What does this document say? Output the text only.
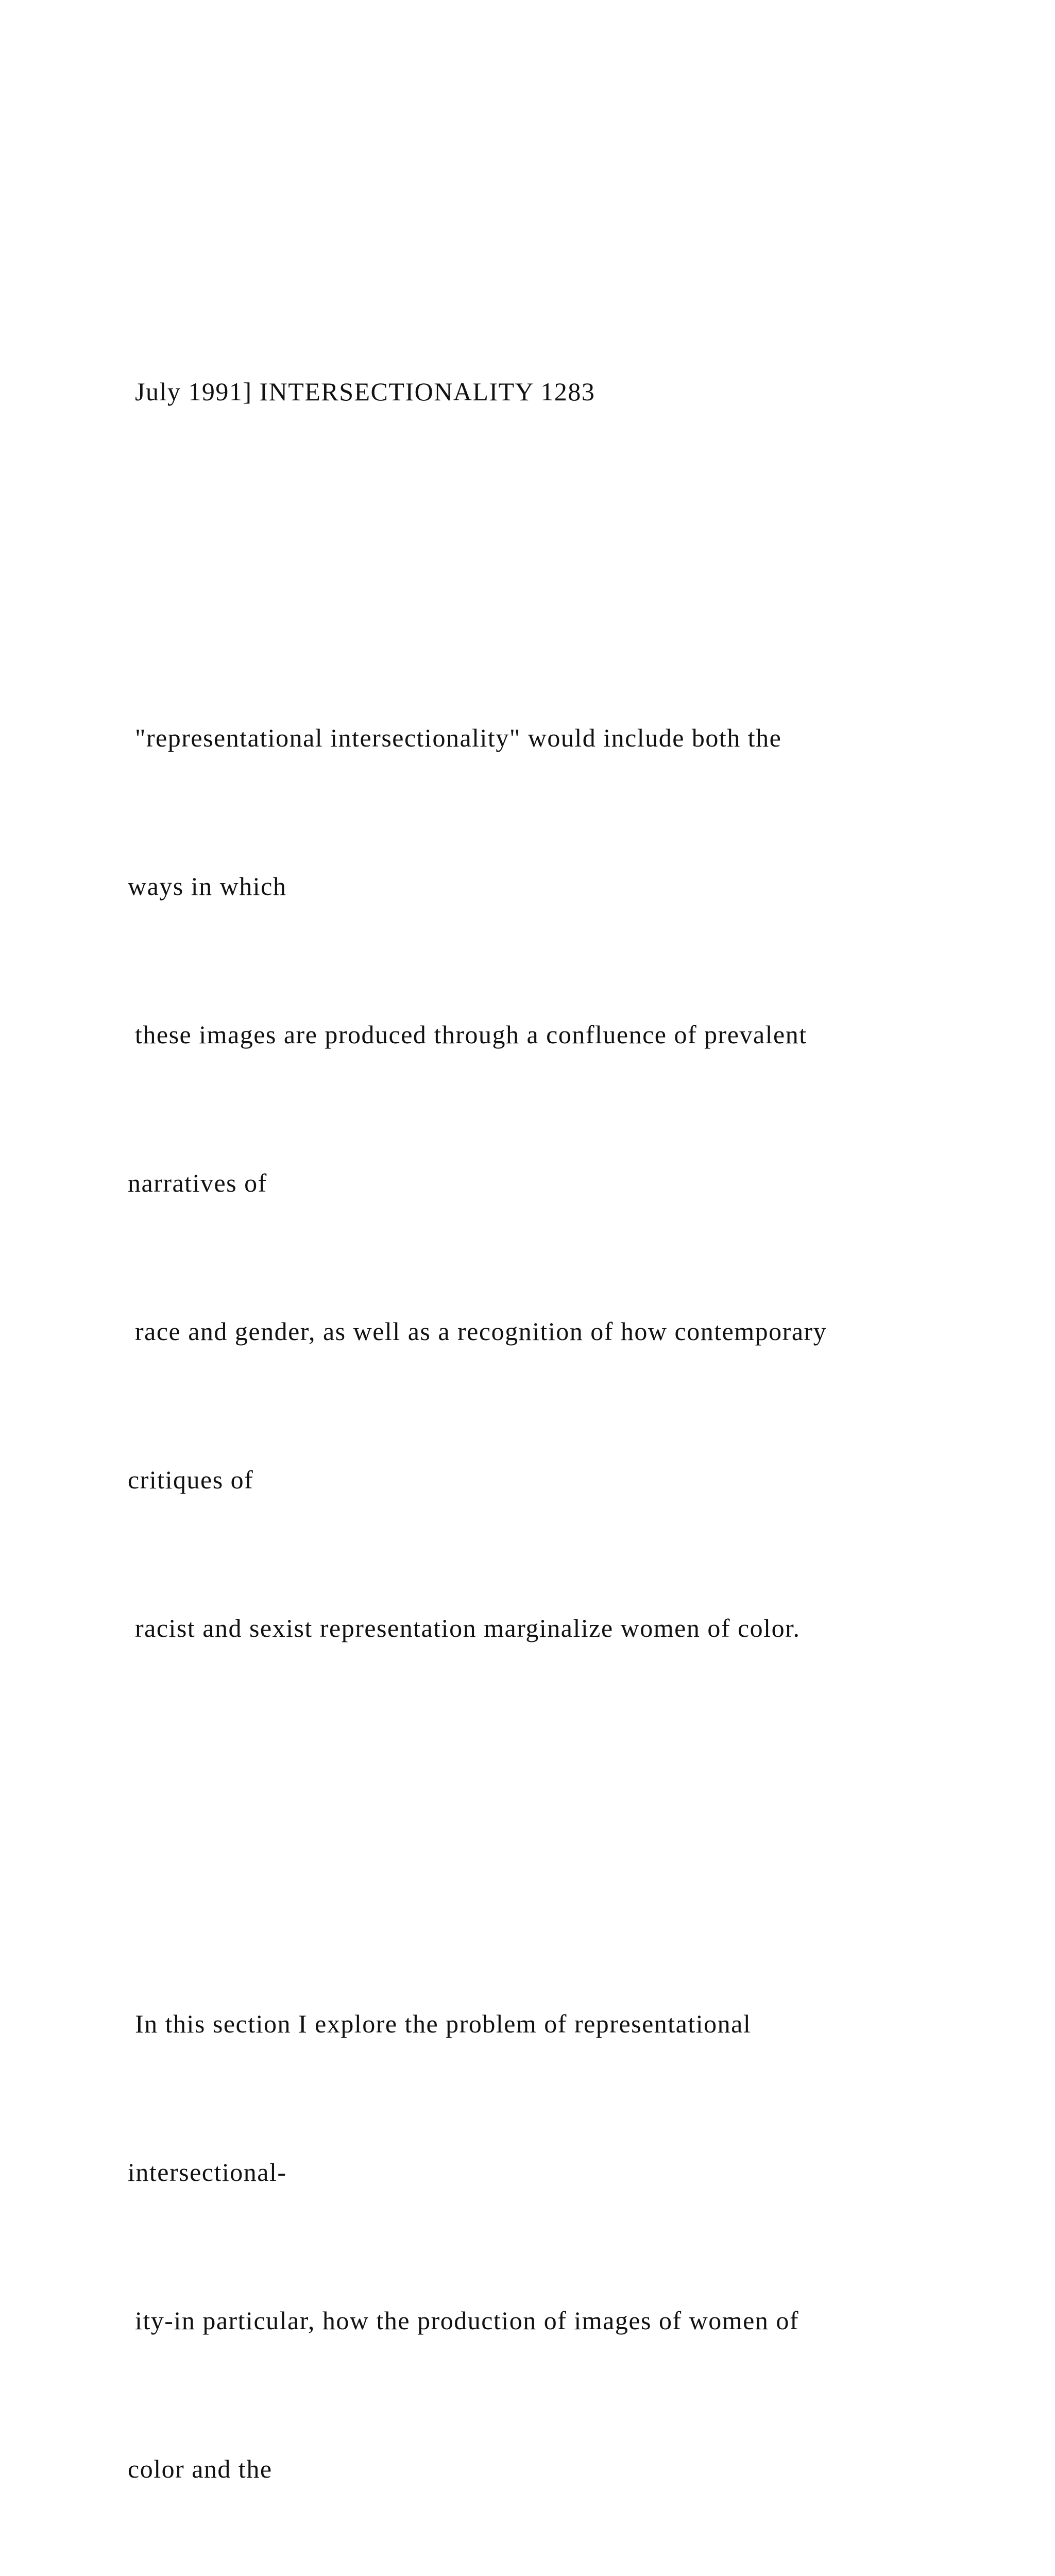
July 1991] INTERSECTIONALITY 1283

"representational intersectionality" would include both the

ways in which

these images are produced through a confluence of prevalent

narratives of

race and gender, as well as a recognition of how contemporary

critiques of

racist and sexist representation marginalize women of color.

In this section I explore the problem of representational

intersectional-

ity-in particular, how the production of images of women of

color and the
